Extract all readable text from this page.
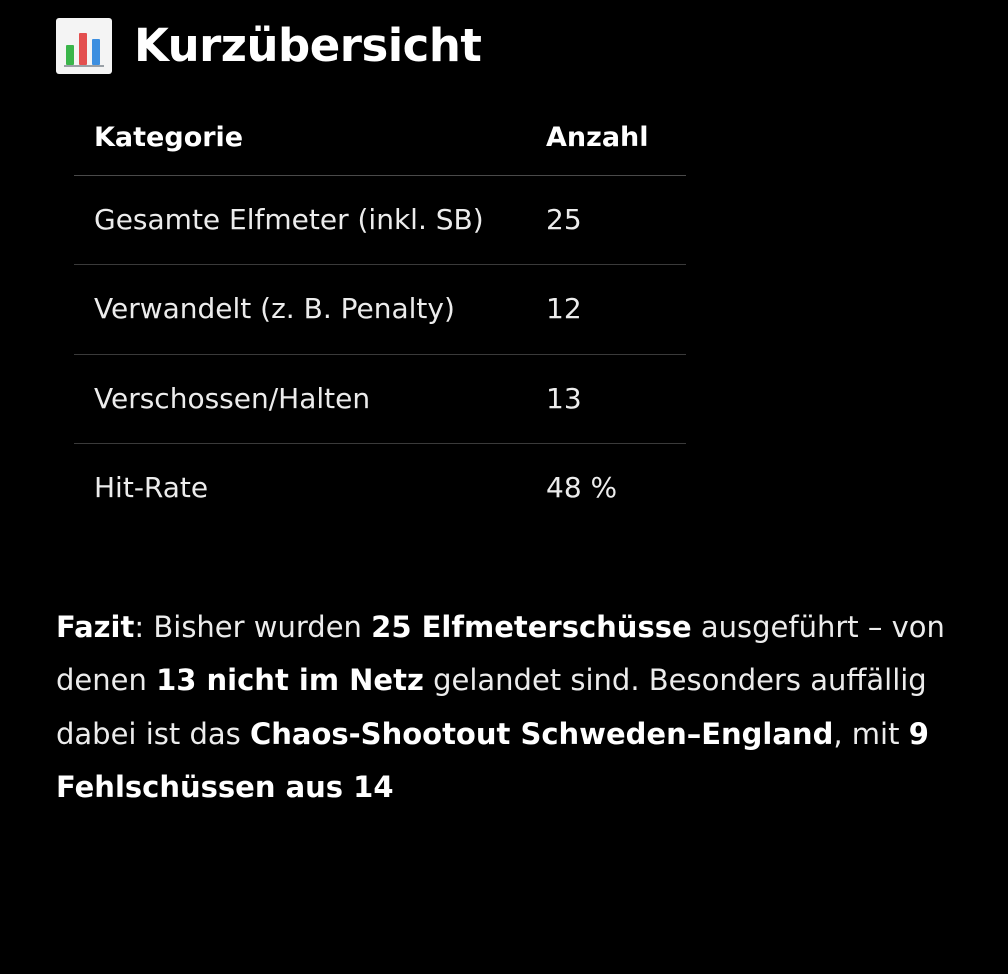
Kurzübersicht
Kategorie	Anzahl
Gesamte Elfmeter (inkl. SB)	25
Verwandelt (z. B. Penalty)	12
Verschossen/Halten	13
Hit-Rate	48 %

Fazit: Bisher wurden 25 Elfmeterschüsse ausgeführt – von denen 13 nicht im Netz gelandet sind. Besonders auffällig dabei ist das Chaos-Shootout Schweden–England, mit 9 Fehlschüssen aus 14
